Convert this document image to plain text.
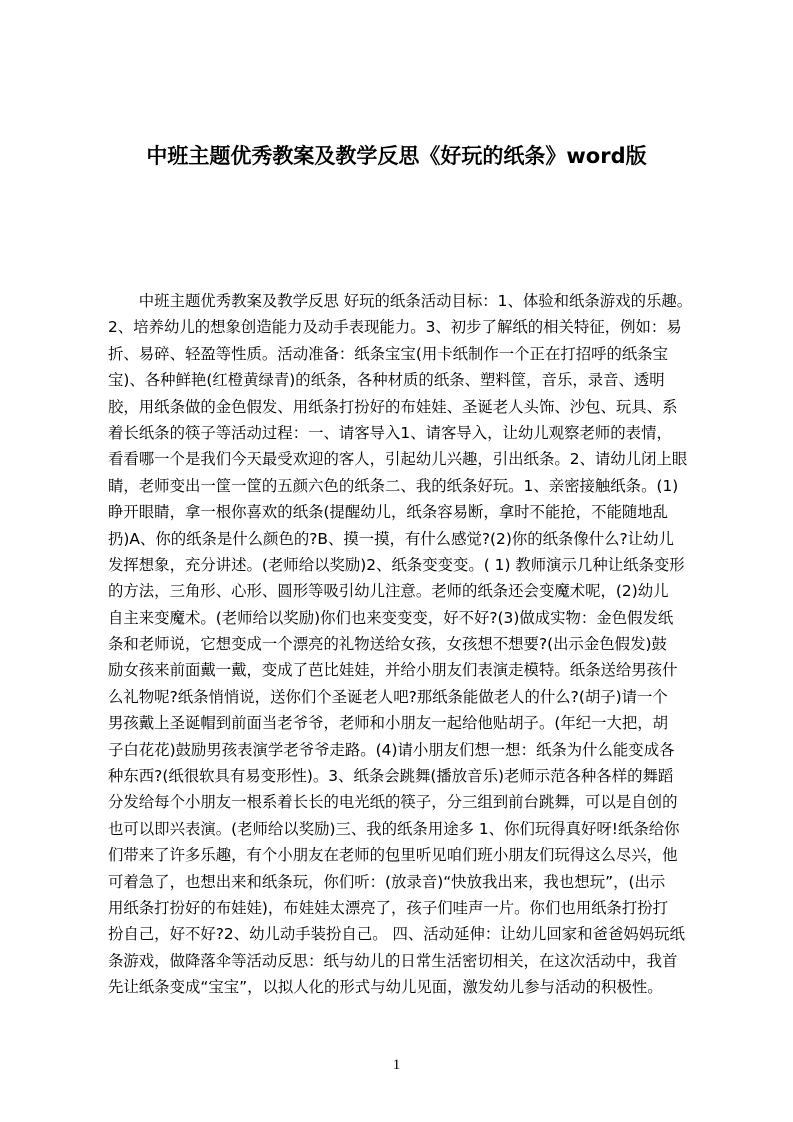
中班主题优秀教案及教学反思《好玩的纸条》word版
　　中班主题优秀教案及教学反思 好玩的纸条活动目标：1、体验和纸条游戏的乐趣。
2、培养幼儿的想象创造能力及动手表现能力。3、初步了解纸的相关特征，例如：易
折、易碎、轻盈等性质。活动准备：纸条宝宝(用卡纸制作一个正在打招呼的纸条宝
宝)、各种鲜艳(红橙黄绿青)的纸条，各种材质的纸条、塑料筐，音乐，录音、透明
胶，用纸条做的金色假发、用纸条打扮好的布娃娃、圣诞老人头饰、沙包、玩具、系
着长纸条的筷子等活动过程：一、请客导入1、请客导入，让幼儿观察老师的表情，
看看哪一个是我们今天最受欢迎的客人，引起幼儿兴趣，引出纸条。2、请幼儿闭上眼
睛，老师变出一筐一筐的五颜六色的纸条二、我的纸条好玩。1、亲密接触纸条。(1)
睁开眼睛，拿一根你喜欢的纸条(提醒幼儿，纸条容易断，拿时不能抢，不能随地乱
扔)A、你的纸条是什么颜色的?B、摸一摸，有什么感觉?(2)你的纸条像什么?让幼儿
发挥想象，充分讲述。(老师给以奖励)2、纸条变变变。( 1) 教师演示几种让纸条变形
的方法，三角形、心形、圆形等吸引幼儿注意。老师的纸条还会变魔术呢，(2)幼儿
自主来变魔术。(老师给以奖励)你们也来变变变，好不好?(3)做成实物：金色假发纸
条和老师说，它想变成一个漂亮的礼物送给女孩，女孩想不想要?(出示金色假发)鼓
励女孩来前面戴一戴，变成了芭比娃娃，并给小朋友们表演走模特。纸条送给男孩什
么礼物呢?纸条悄悄说，送你们个圣诞老人吧?那纸条能做老人的什么?(胡子)请一个
男孩戴上圣诞帽到前面当老爷爷，老师和小朋友一起给他贴胡子。(年纪一大把，胡
子白花花)鼓励男孩表演学老爷爷走路。(4)请小朋友们想一想：纸条为什么能变成各
种东西?(纸很软具有易变形性)。3、纸条会跳舞(播放音乐)老师示范各种各样的舞蹈
分发给每个小朋友一根系着长长的电光纸的筷子，分三组到前台跳舞，可以是自创的
也可以即兴表演。(老师给以奖励)三、我的纸条用途多 1、你们玩得真好呀!纸条给你
们带来了许多乐趣，有个小朋友在老师的包里听见咱们班小朋友们玩得这么尽兴，他
可着急了，也想出来和纸条玩，你们听：(放录音)“快放我出来，我也想玩”，(出示
用纸条打扮好的布娃娃)，布娃娃太漂亮了，孩子们哇声一片。你们也用纸条打扮打
扮自己，好不好?2、幼儿动手装扮自己。 四、活动延伸：让幼儿回家和爸爸妈妈玩纸
条游戏，做降落伞等活动反思：纸与幼儿的日常生活密切相关，在这次活动中，我首
先让纸条变成“宝宝”，以拟人化的形式与幼儿见面，激发幼儿参与活动的积极性。
1
